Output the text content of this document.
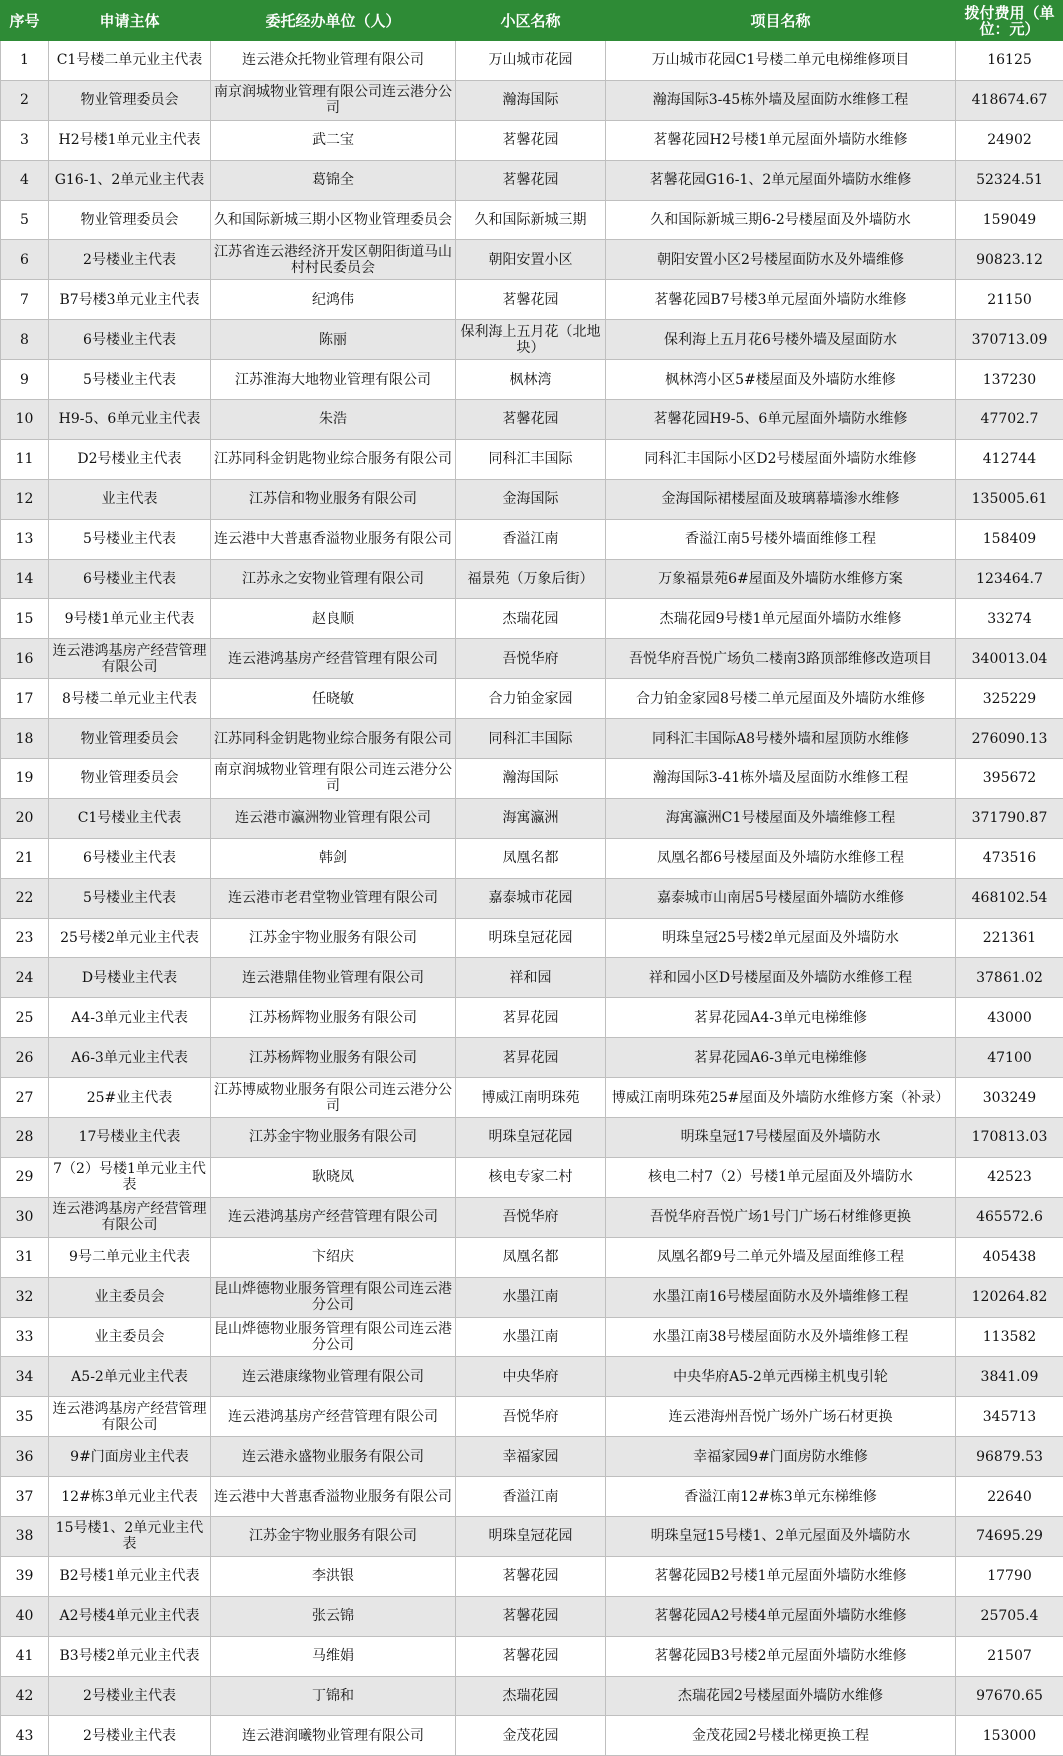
序号	申请主体	委托经办单位（人）	小区名称	项目名称	拨付费用（单位：元）
1	C1号楼二单元业主代表	连云港众托物业管理有限公司	万山城市花园	万山城市花园C1号楼二单元电梯维修项目	16125
2	物业管理委员会	南京润城物业管理有限公司连云港分公司	瀚海国际	瀚海国际3-45栋外墙及屋面防水维修工程	418674.67
3	H2号楼1单元业主代表	武二宝	茗馨花园	茗馨花园H2号楼1单元屋面外墙防水维修	24902
4	G16-1、2单元业主代表	葛锦全	茗馨花园	茗馨花园G16-1、2单元屋面外墙防水维修	52324.51
5	物业管理委员会	久和国际新城三期小区物业管理委员会	久和国际新城三期	久和国际新城三期6-2号楼屋面及外墙防水	159049
6	2号楼业主代表	江苏省连云港经济开发区朝阳街道马山村村民委员会	朝阳安置小区	朝阳安置小区2号楼屋面防水及外墙维修	90823.12
7	B7号楼3单元业主代表	纪鸿伟	茗馨花园	茗馨花园B7号楼3单元屋面外墙防水维修	21150
8	6号楼业主代表	陈丽	保利海上五月花（北地块）	保利海上五月花6号楼外墙及屋面防水	370713.09
9	5号楼业主代表	江苏淮海大地物业管理有限公司	枫林湾	枫林湾小区5#楼屋面及外墙防水维修	137230
10	H9-5、6单元业主代表	朱浩	茗馨花园	茗馨花园H9-5、6单元屋面外墙防水维修	47702.7
11	D2号楼业主代表	江苏同科金钥匙物业综合服务有限公司	同科汇丰国际	同科汇丰国际小区D2号楼屋面外墙防水维修	412744
12	业主代表	江苏信和物业服务有限公司	金海国际	金海国际裙楼屋面及玻璃幕墙渗水维修	135005.61
13	5号楼业主代表	连云港中大普惠香溢物业服务有限公司	香溢江南	香溢江南5号楼外墙面维修工程	158409
14	6号楼业主代表	江苏永之安物业管理有限公司	福景苑（万象后街）	万象福景苑6#屋面及外墙防水维修方案	123464.7
15	9号楼1单元业主代表	赵良顺	杰瑞花园	杰瑞花园9号楼1单元屋面外墙防水维修	33274
16	连云港鸿基房产经营管理有限公司	连云港鸿基房产经营管理有限公司	吾悦华府	吾悦华府吾悦广场负二楼南3路顶部维修改造项目	340013.04
17	8号楼二单元业主代表	任晓敏	合力铂金家园	合力铂金家园8号楼二单元屋面及外墙防水维修	325229
18	物业管理委员会	江苏同科金钥匙物业综合服务有限公司	同科汇丰国际	同科汇丰国际A8号楼外墙和屋顶防水维修	276090.13
19	物业管理委员会	南京润城物业管理有限公司连云港分公司	瀚海国际	瀚海国际3-41栋外墙及屋面防水维修工程	395672
20	C1号楼业主代表	连云港市瀛洲物业管理有限公司	海寓瀛洲	海寓瀛洲C1号楼屋面及外墙维修工程	371790.87
21	6号楼业主代表	韩剑	凤凰名都	凤凰名都6号楼屋面及外墙防水维修工程	473516
22	5号楼业主代表	连云港市老君堂物业管理有限公司	嘉泰城市花园	嘉泰城市山南居5号楼屋面外墙防水维修	468102.54
23	25号楼2单元业主代表	江苏金宇物业服务有限公司	明珠皇冠花园	明珠皇冠25号楼2单元屋面及外墙防水	221361
24	D号楼业主代表	连云港鼎佳物业管理有限公司	祥和园	祥和园小区D号楼屋面及外墙防水维修工程	37861.02
25	A4-3单元业主代表	江苏杨辉物业服务有限公司	茗昇花园	茗昇花园A4-3单元电梯维修	43000
26	A6-3单元业主代表	江苏杨辉物业服务有限公司	茗昇花园	茗昇花园A6-3单元电梯维修	47100
27	25#业主代表	江苏博威物业服务有限公司连云港分公司	博威江南明珠苑	博威江南明珠苑25#屋面及外墙防水维修方案（补录）	303249
28	17号楼业主代表	江苏金宇物业服务有限公司	明珠皇冠花园	明珠皇冠17号楼屋面及外墙防水	170813.03
29	7（2）号楼1单元业主代表	耿晓凤	核电专家二村	核电二村7（2）号楼1单元屋面及外墙防水	42523
30	连云港鸿基房产经营管理有限公司	连云港鸿基房产经营管理有限公司	吾悦华府	吾悦华府吾悦广场1号门广场石材维修更换	465572.6
31	9号二单元业主代表	卞绍庆	凤凰名都	凤凰名都9号二单元外墙及屋面维修工程	405438
32	业主委员会	昆山烨德物业服务管理有限公司连云港分公司	水墨江南	水墨江南16号楼屋面防水及外墙维修工程	120264.82
33	业主委员会	昆山烨德物业服务管理有限公司连云港分公司	水墨江南	水墨江南38号楼屋面防水及外墙维修工程	113582
34	A5-2单元业主代表	连云港康缘物业管理有限公司	中央华府	中央华府A5-2单元西梯主机曳引轮	3841.09
35	连云港鸿基房产经营管理有限公司	连云港鸿基房产经营管理有限公司	吾悦华府	连云港海州吾悦广场外广场石材更换	345713
36	9#门面房业主代表	连云港永盛物业服务有限公司	幸福家园	幸福家园9#门面房防水维修	96879.53
37	12#栋3单元业主代表	连云港中大普惠香溢物业服务有限公司	香溢江南	香溢江南12#栋3单元东梯维修	22640
38	15号楼1、2单元业主代表	江苏金宇物业服务有限公司	明珠皇冠花园	明珠皇冠15号楼1、2单元屋面及外墙防水	74695.29
39	B2号楼1单元业主代表	李洪银	茗馨花园	茗馨花园B2号楼1单元屋面外墙防水维修	17790
40	A2号楼4单元业主代表	张云锦	茗馨花园	茗馨花园A2号楼4单元屋面外墙防水维修	25705.4
41	B3号楼2单元业主代表	马维娟	茗馨花园	茗馨花园B3号楼2单元屋面外墙防水维修	21507
42	2号楼业主代表	丁锦和	杰瑞花园	杰瑞花园2号楼屋面外墙防水维修	97670.65
43	2号楼业主代表	连云港润曦物业管理有限公司	金茂花园	金茂花园2号楼北梯更换工程	153000
